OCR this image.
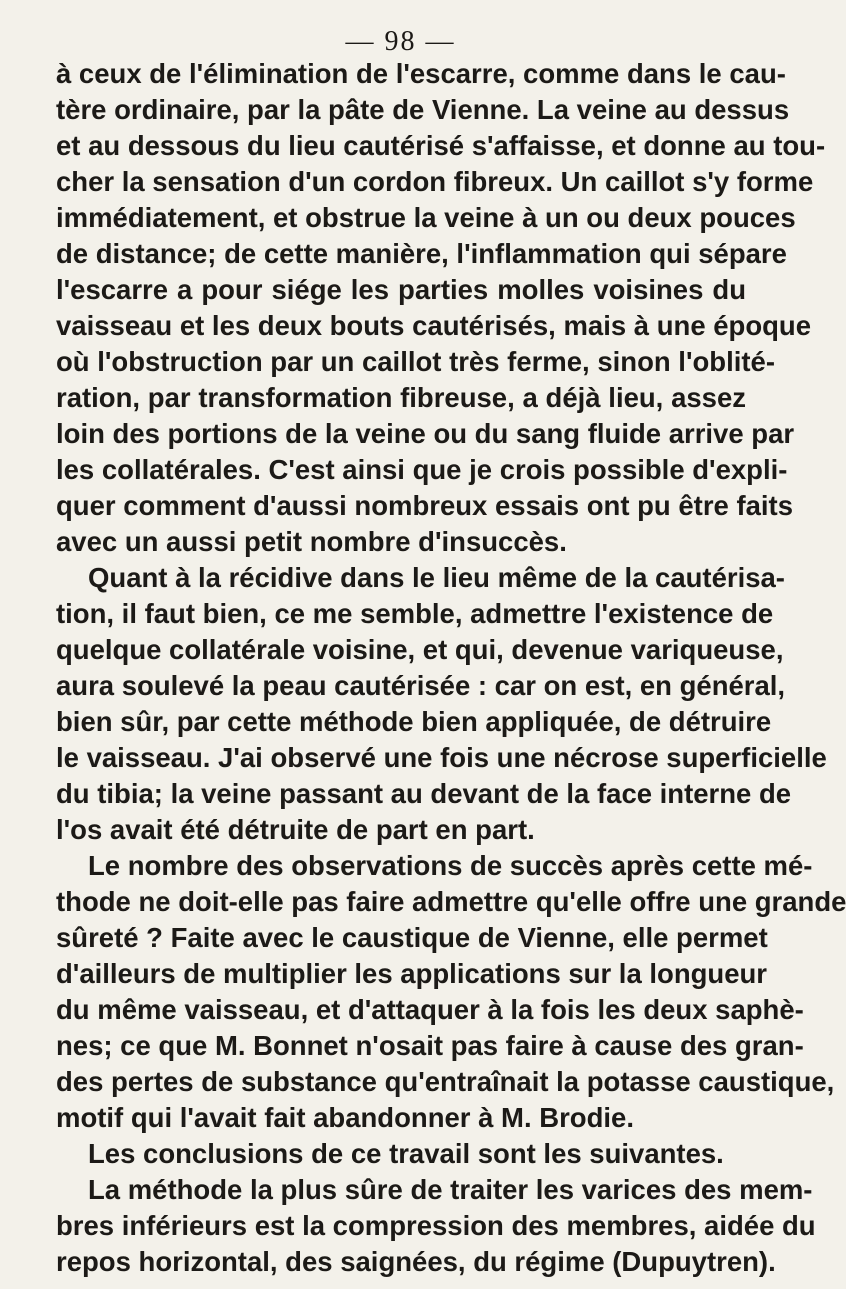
— 98 —
à ceux de l'élimination de l'escarre, comme dans le cau-
tère ordinaire, par la pâte de Vienne. La veine au dessus
et au dessous du lieu cautérisé s'affaisse, et donne au tou-
cher la sensation d'un cordon fibreux. Un caillot s'y forme
immédiatement, et obstrue la veine à un ou deux pouces
de distance; de cette manière, l'inflammation qui sépare
l'escarre a pour siége les parties molles voisines du
vaisseau et les deux bouts cautérisés, mais à une époque
où l'obstruction par un caillot très ferme, sinon l'oblité-
ration, par transformation fibreuse, a déjà lieu, assez
loin des portions de la veine ou du sang fluide arrive par
les collatérales. C'est ainsi que je crois possible d'expli-
quer comment d'aussi nombreux essais ont pu être faits
avec un aussi petit nombre d'insuccès.
Quant à la récidive dans le lieu même de la cautérisa-
tion, il faut bien, ce me semble, admettre l'existence de
quelque collatérale voisine, et qui, devenue variqueuse,
aura soulevé la peau cautérisée : car on est, en général,
bien sûr, par cette méthode bien appliquée, de détruire
le vaisseau. J'ai observé une fois une nécrose superficielle
du tibia; la veine passant au devant de la face interne de
l'os avait été détruite de part en part.
Le nombre des observations de succès après cette mé-
thode ne doit-elle pas faire admettre qu'elle offre une grande
sûreté ? Faite avec le caustique de Vienne, elle permet
d'ailleurs de multiplier les applications sur la longueur
du même vaisseau, et d'attaquer à la fois les deux saphè-
nes; ce que M. Bonnet n'osait pas faire à cause des gran-
des pertes de substance qu'entraînait la potasse caustique,
motif qui l'avait fait abandonner à M. Brodie.
Les conclusions de ce travail sont les suivantes.
La méthode la plus sûre de traiter les varices des mem-
bres inférieurs est la compression des membres, aidée du
repos horizontal, des saignées, du régime (Dupuytren).
